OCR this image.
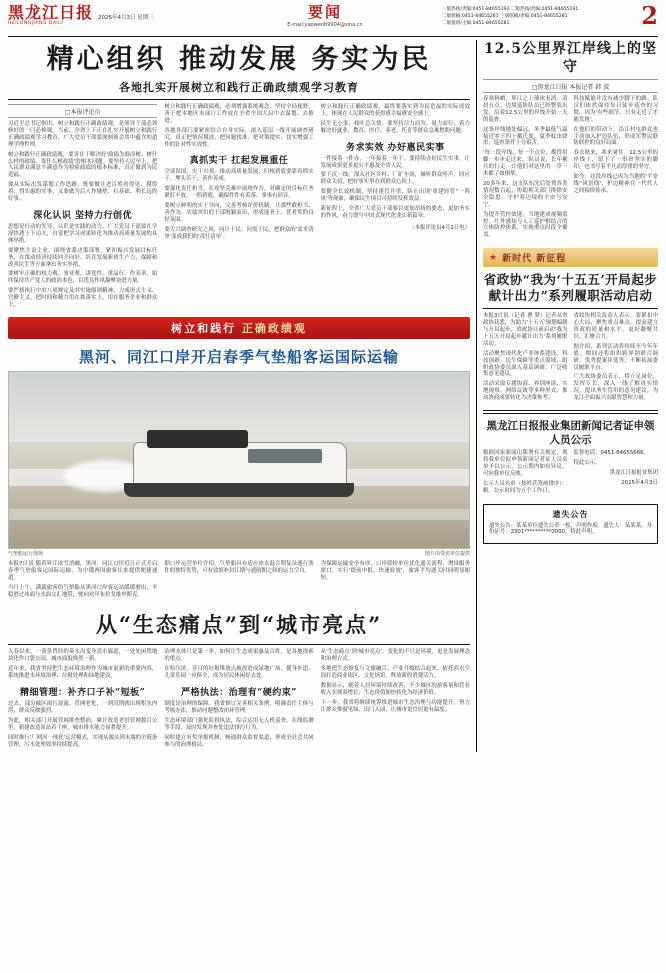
黑龙江日报
HEILONGJIANG DAILY
2025年4月3日 星期三	要闻
E-mail:yaowenb9904@sina.cn
一版热线/责编:0451-84655192 二版热线/责编:0451-84655191
二版组稿:0451-84655261 三版组稿/责编:0451-84655281
二版值班/主编:0451-84655281	2
精心组织 推动发展 务实为民
各地扎实开展树立和践行正确政绩观学习教育
□本报评论员
习近平总书记指出，树立和践行正确政绩观，是领导干部必须修好的一门必修课。当前，全省上下正在扎实开展树立和践行正确政绩观学习教育，广大党员干部要深刻领会其中蕴含的道理学理哲理。
树立和践行正确政绩观，要害在于解决好'政绩为谁而树、树什么样的政绩、靠什么树政绩'的根本问题。要坚持人民至上，把人民群众满意不满意作为检验政绩的根本标准，真正做到为民造福。
要从实际出发谋划工作思路，既要做让老百姓看得见、摸得着、得实惠的实事，又要做为后人作铺垫、打基础、利长远的好事。
深化认识 坚持力行创优
思想是行动的先导，认识是实践的动力。广大党员干部要在学深悟透上下功夫，自觉把学习成果转化为推动高质量发展的具体举措。
要聚焦主责主业，围绕省委决策部署，紧扣振兴发展目标任务，在推动经济持续回升向好、培育发展新质生产力、保障和改善民生等方面拿出务实举措。
要树牢正确的权力观、事业观，讲党性、重品行、作表率，始终保持共产党人的政治本色，以优良作风凝聚奋进力量。
要严格执行中央八项规定及其实施细则精神，力戒形式主义、官僚主义，把时间和精力用在抓落实上，用在服务企业和群众上。
树立和践行正确政绩观，必须增强系统观念，坚持全局视野，善于把本地区本部门工作放在全省全国大局中去谋划、去推进。
各地各部门要紧密结合自身实际，深入基层一线开展调查研究，真正把情况摸清、把问题找准、把对策提实，切实增强工作的针对性实效性。
真抓实干 扛起发展重任
空谈误国，实干兴邦。推动高质量发展，归根到底要靠真抓实干、埋头苦干、善作善成。
要强化责任担当，在攻坚克难中展现作为，对确定的目标任务紧盯不放、一抓到底，确保件件有着落、事事有回音。
要树立鲜明的实干导向，完善考核评价机制，让那些敢担当、善作为、实绩突出的干部脱颖而出，形成能者上、优者奖的良好氛围。
要大兴调查研究之风，问计于民、问需于民，把群众的'需求清单'变成我们的'责任清单'。
树立和践行正确政绩观，最终要落实到为民造福的实际成效上，体现在人民群众的获得感幸福感安全感上。
民生无小事，枝叶总关情。要坚持尽力而为、量力而行，着力解决好就业、教育、医疗、养老、托育等群众急难愁盼问题。
务求实效 办好惠民实事
一件接着一件办，一年接着一年干。要持续办好民生实事，让发展成果更多更公平惠及全省人民。
要下沉一线，深入社区乡村、厂矿车间，倾听群众呼声，回应群众关切，把好事实事办到群众心坎上。
要健全长效机制，坚持建管并重，防止出现'重建轻管''一阵风'等现象，确保民生项目可持续发挥效益。
新征程上，全省广大党员干部要以更加昂扬的姿态、更加务实的作风，奋力谱写中国式现代化龙江新篇章。
（本报评论员4月2日电）
树立和践行 正确政绩观
黑河、同江口岸开启春季气垫船客运国际运输
气垫船运行现场	图片由受访单位提供
本报7日讯 随着界江冰雪消融，黑河、同江口岸近日正式开启春季气垫船客运国际运输，为中俄两国旅客往来提供便捷通道。
当日上午，满载旅客的气垫船从黑河口岸客运站缓缓驶出，平稳滑过冰面与水面交汇地带，驶向对岸布拉戈维申斯克。
据口岸运营单位介绍，气垫船具有适应冰水混合期复杂通行条件的独特优势，可有效填补封江期与通航期之间的运力空白。
为保障运输安全有序，口岸联检单位优化通关流程，增设服务窗口，实行'提前申报、快速验放'，旅客平均通关时间明显缩短。
从“生态痛点”到“城市亮点”
入春以来，一条条曾经的臭水沟变身清水廊道，一处处闲置地块化作口袋公园，城市面貌焕然一新。
近年来，我省坚持把生态环境治理作为城市更新的重要内容，系统推进水环境治理、垃圾处理和绿地建设。
精细管理：补齐口子补“短板”
过去，部分城区雨污混流、管网老化，一到汛期就出现积水内涝，群众反映强烈。
为此，相关部门开展管网排查整治，累计改造老旧管网数百公里，新建改造泵站若干座，城市排水能力显著提升。
同时推行'厂网河一体化'运营模式，实现从源头到末端的全链条管理，污水处理效率持续提高。
治理水体只是第一步，如何让生态成果惠及百姓，是各地探索的重点。
在哈尔滨，昔日的垃圾堆放点被改造成绿地广场，健身步道、儿童乐园一应俱全，成为居民休闲好去处。
严格执法：治理有“硬约束”
制度是治理的保障。我省修订完善相关条例，明确责任主体与考核办法，推动问题整改闭环管理。
生态环境部门强化监督执法，综合运用无人机巡查、在线监测等手段，及时发现并查处违法排污行为。
同时建立有奖举报机制，畅通群众监督渠道，形成全社会共同参与的治理格局。
从'生态痛点'到'城市亮点'，变化的不只是环境，更是发展理念和治理方式。
多地把生态修复与文旅融合、产业升级结合起来，依托滨水空间打造商业街区、文化场馆，释放新的消费活力。
数据显示，随着人居环境持续改善，不少城区的游客量和营业收入实现双增长，生态价值加快转化为经济价值。
下一步，我省将继续统筹推进城市生态治理与功能提升，努力让群众推窗见绿、出门入园，让城市更宜居更有温度。
12.5公里界江岸线上的坚守
□黑龙江日报 本报记者 韩 波
春寒料峭，界江之上薄冰未消。清晨五点，边境巡防队员已经整装出发，沿着12.5公里的岸线开始一天的巡查。
这条岸线地处偏远，冬季最低气温接近零下四十摄氏度，夏季蚊虫肆虐，巡查条件十分艰苦。
'每一段岸线、每一个点位，都得用脚一步步走过来。'队员说，长年累月的行走，让他们对这里的一草一木都了如指掌。
20多年来，这支队伍先后处置各类情况数百起，协助相关部门排除安全隐患，守护着边境的平安与安宁。
为提升管控效能，当地建成视频监控、红外感知与人工巡护相结合的立体防控体系，实现重点时段全覆盖。
科技赋能并没有减少脚下的路。队员们依然保持每日徒步巡查的习惯，因为'有些细节，只有走近了才能发现'。
在他们的带动下，沿江村屯群众也主动加入护边队伍，形成军警民联防联控的良好局面。
春去秋来，寒来暑往。12.5公里的岸线上，留下了一串串坚实的脚印，也书写着平凡而厚重的坚守。
如今，这段岸线已成为当地的'平安线''风景线'，护边精神在一代代人之间接续传承。
★ 新时代 新征程
省政协“我为‘十五五’开局起步献计出力”系列履职活动启动
本报3日讯（记者 曹 梦）记者从省政协获悉，为助力'十五五'规划编制与开局起步，省政协日前启动'我为十五五开局起步献计出力'系列履职活动。
活动聚焦现代化产业体系建设、科技创新、民生保障等重点领域，组织政协委员深入基层调研，广泛收集意见建议。
活动采取专题协商、界别座谈、实地视察、网络议政等多种形式，推动协商成果转化为决策参考。
省政协相关负责人表示，要紧扣中心大局，聚焦重点难点，提高建言资政的质量和水平，更好凝聚共识、汇聚合力。
据介绍，系列活动将持续至今年年底，期间还将组织跨界别联合调研、优秀提案评选等，不断拓展委员履职平台。
广大政协委员表示，将立足岗位、发挥专长，深入一线了解真实情况，提出务实管用的意见建议，为龙江全面振兴贡献智慧和力量。
黑龙江日报报业集团新闻记者证申领人员公示
根据国家新闻出版署有关规定，现将我单位拟申领新闻记者证人员名单予以公示，公示期内如有异议，可向我单位反映。
公示人员名单（按姓氏笔画排序）：略。公示时间为五个工作日。
监督电话：0451-84655666。
特此公示。
黑龙江日报报业集团
2025年4月3日
遗失公告
遗失公告：某某单位遗失公章一枚，声明作废。遗失人：某某某，身份证号：2301**********0000，特此声明。
